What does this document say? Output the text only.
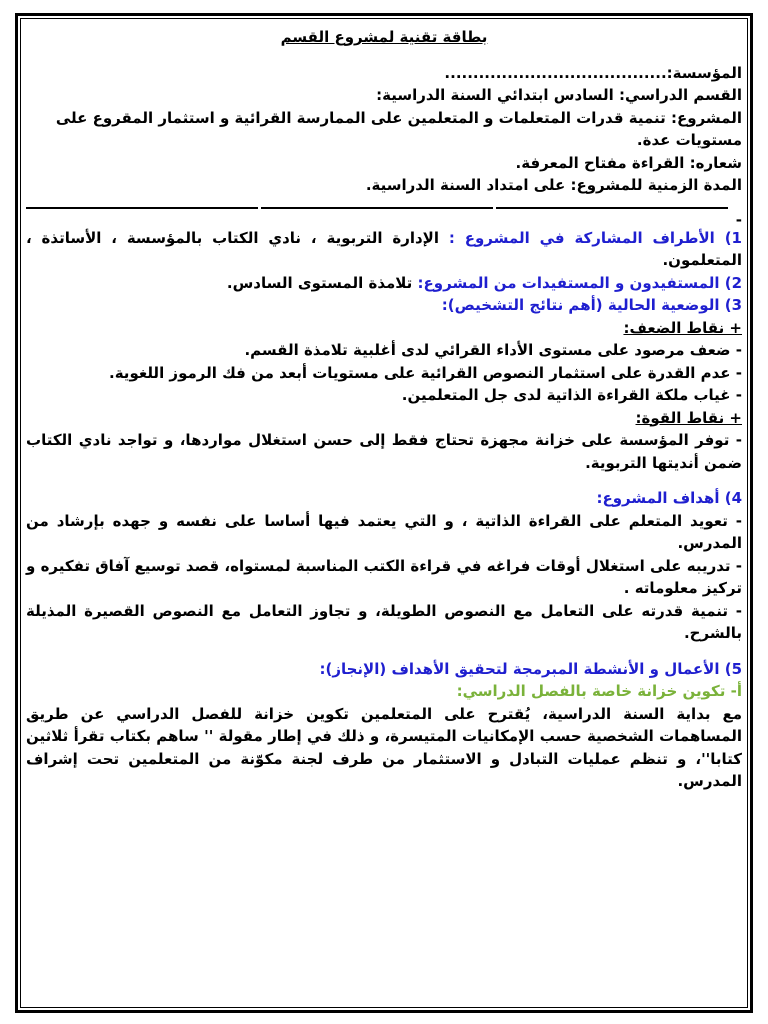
بطاقة تقنية لمشروع القسم

المؤسسة:.......................................

القسم الدراسي: السادس ابتدائي السنة الدراسية:

المشروع: تنمية قدرات المتعلمات و المتعلمين على الممارسة القرائية و استثمار المقروع على

مستويات عدة.

شعاره: القراءة مفتاح المعرفة.

المدة الزمنية للمشروع: على امتداد السنة الدراسية.

-

1) الأطراف المشاركة في المشروع : الإدارة التربوية ، نادي الكتاب بالمؤسسة ، الأساتذة ، المتعلمون.

2) المستفيدون و المستفيدات من المشروع: تلامذة المستوى السادس.

3) الوضعية الحالية (أهم نتائج التشخيص):

+ نقاط الضعف:

- ضعف مرصود على مستوى الأداء القرائي لدى أغلبية تلامذة القسم.

- عدم القدرة على استثمار النصوص القرائية على مستويات أبعد من فك الرموز اللغوية.

- غياب ملكة القراءة الذاتية لدى جل المتعلمين.

+ نقاط القوة:

- توفر المؤسسة على خزانة مجهزة تحتاج فقط إلى حسن استغلال مواردها، و تواجد نادي الكتاب ضمن أنديتها التربوية.

4) أهداف المشروع:

- تعويد المتعلم على القراءة الذاتية ، و التي يعتمد فيها أساسا على نفسه و جهده بإرشاد من المدرس.

- تدريبه على استغلال أوقات فراغه في قراءة الكتب المناسبة لمستواه، قصد توسيع آفاق تفكيره و تركيز معلوماته .

- تنمية قدرته على التعامل مع النصوص الطويلة، و تجاوز التعامل مع النصوص القصيرة المذيلة بالشرح.

5) الأعمال و الأنشطة المبرمجة لتحقيق الأهداف (الإنجاز):

أ- تكوين خزانة خاصة بالفصل الدراسي:

مع بداية السنة الدراسية، يُقترح على المتعلمين تكوين خزانة للفصل الدراسي عن طريق المساهمات الشخصية حسب الإمكانيات المتيسرة، و ذلك في إطار مقولة '' ساهم بكتاب تقرأ ثلاثين كتابا''، و تنظم عمليات التبادل و الاستثمار من طرف لجنة مكوّنة من المتعلمين تحت إشراف المدرس.
